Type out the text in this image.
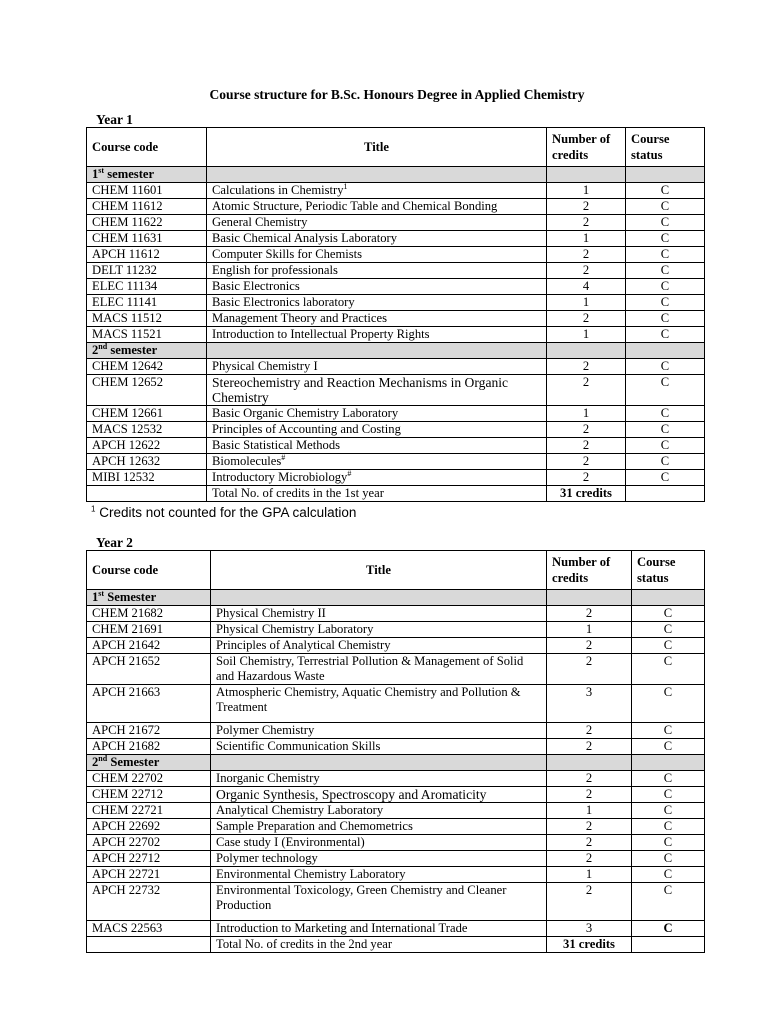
Course structure for B.Sc. Honours Degree in Applied Chemistry
Year 1
Course code	Title	Number of credits	Course status
1st semester			
CHEM 11601	Calculations in Chemistry$^1$	1	C
CHEM 11612	Atomic Structure, Periodic Table and Chemical Bonding	2	C
CHEM 11622	General Chemistry	2	C
CHEM 11631	Basic Chemical Analysis Laboratory	1	C
APCH 11612	Computer Skills for Chemists	2	C
DELT 11232	English for professionals	2	C
ELEC 11134	Basic Electronics	4	C
ELEC 11141	Basic Electronics laboratory	1	C
MACS 11512	Management Theory and Practices	2	C
MACS 11521	Introduction to Intellectual Property Rights	1	C
2nd semester			
CHEM 12642	Physical Chemistry I	2	C
CHEM 12652	Stereochemistry and Reaction Mechanisms in Organic Chemistry	2	C
CHEM 12661	Basic Organic Chemistry Laboratory	1	C
MACS 12532	Principles of Accounting and Costing	2	C
APCH 12622	Basic Statistical Methods	2	C
APCH 12632	Biomolecules#	2	C
MIBI 12532	Introductory Microbiology#	2	C
	Total No. of credits in the 1st year	31 credits	
$^1$ Credits not counted for the GPA calculation
Year 2
Course code	Title	Number of credits	Course status
1st Semester			
CHEM 21682	Physical Chemistry II	2	C
CHEM 21691	Physical Chemistry Laboratory	1	C
APCH 21642	Principles of Analytical Chemistry	2	C
APCH 21652	Soil Chemistry, Terrestrial Pollution & Management of Solid and Hazardous Waste	2	C
APCH 21663	Atmospheric Chemistry, Aquatic Chemistry and Pollution & Treatment	3	C
APCH 21672	Polymer Chemistry	2	C
APCH 21682	Scientific Communication Skills	2	C
2nd Semester			
CHEM 22702	Inorganic Chemistry	2	C
CHEM 22712	Organic Synthesis, Spectroscopy and Aromaticity	2	C
CHEM 22721	Analytical Chemistry Laboratory	1	C
APCH 22692	Sample Preparation and Chemometrics	2	C
APCH 22702	Case study I (Environmental)	2	C
APCH 22712	Polymer technology	2	C
APCH 22721	Environmental Chemistry Laboratory	1	C
APCH 22732	Environmental Toxicology, Green Chemistry and Cleaner Production	2	C
MACS 22563	Introduction to Marketing and International Trade	3	C
	Total No. of credits in the 2nd year	31 credits	
